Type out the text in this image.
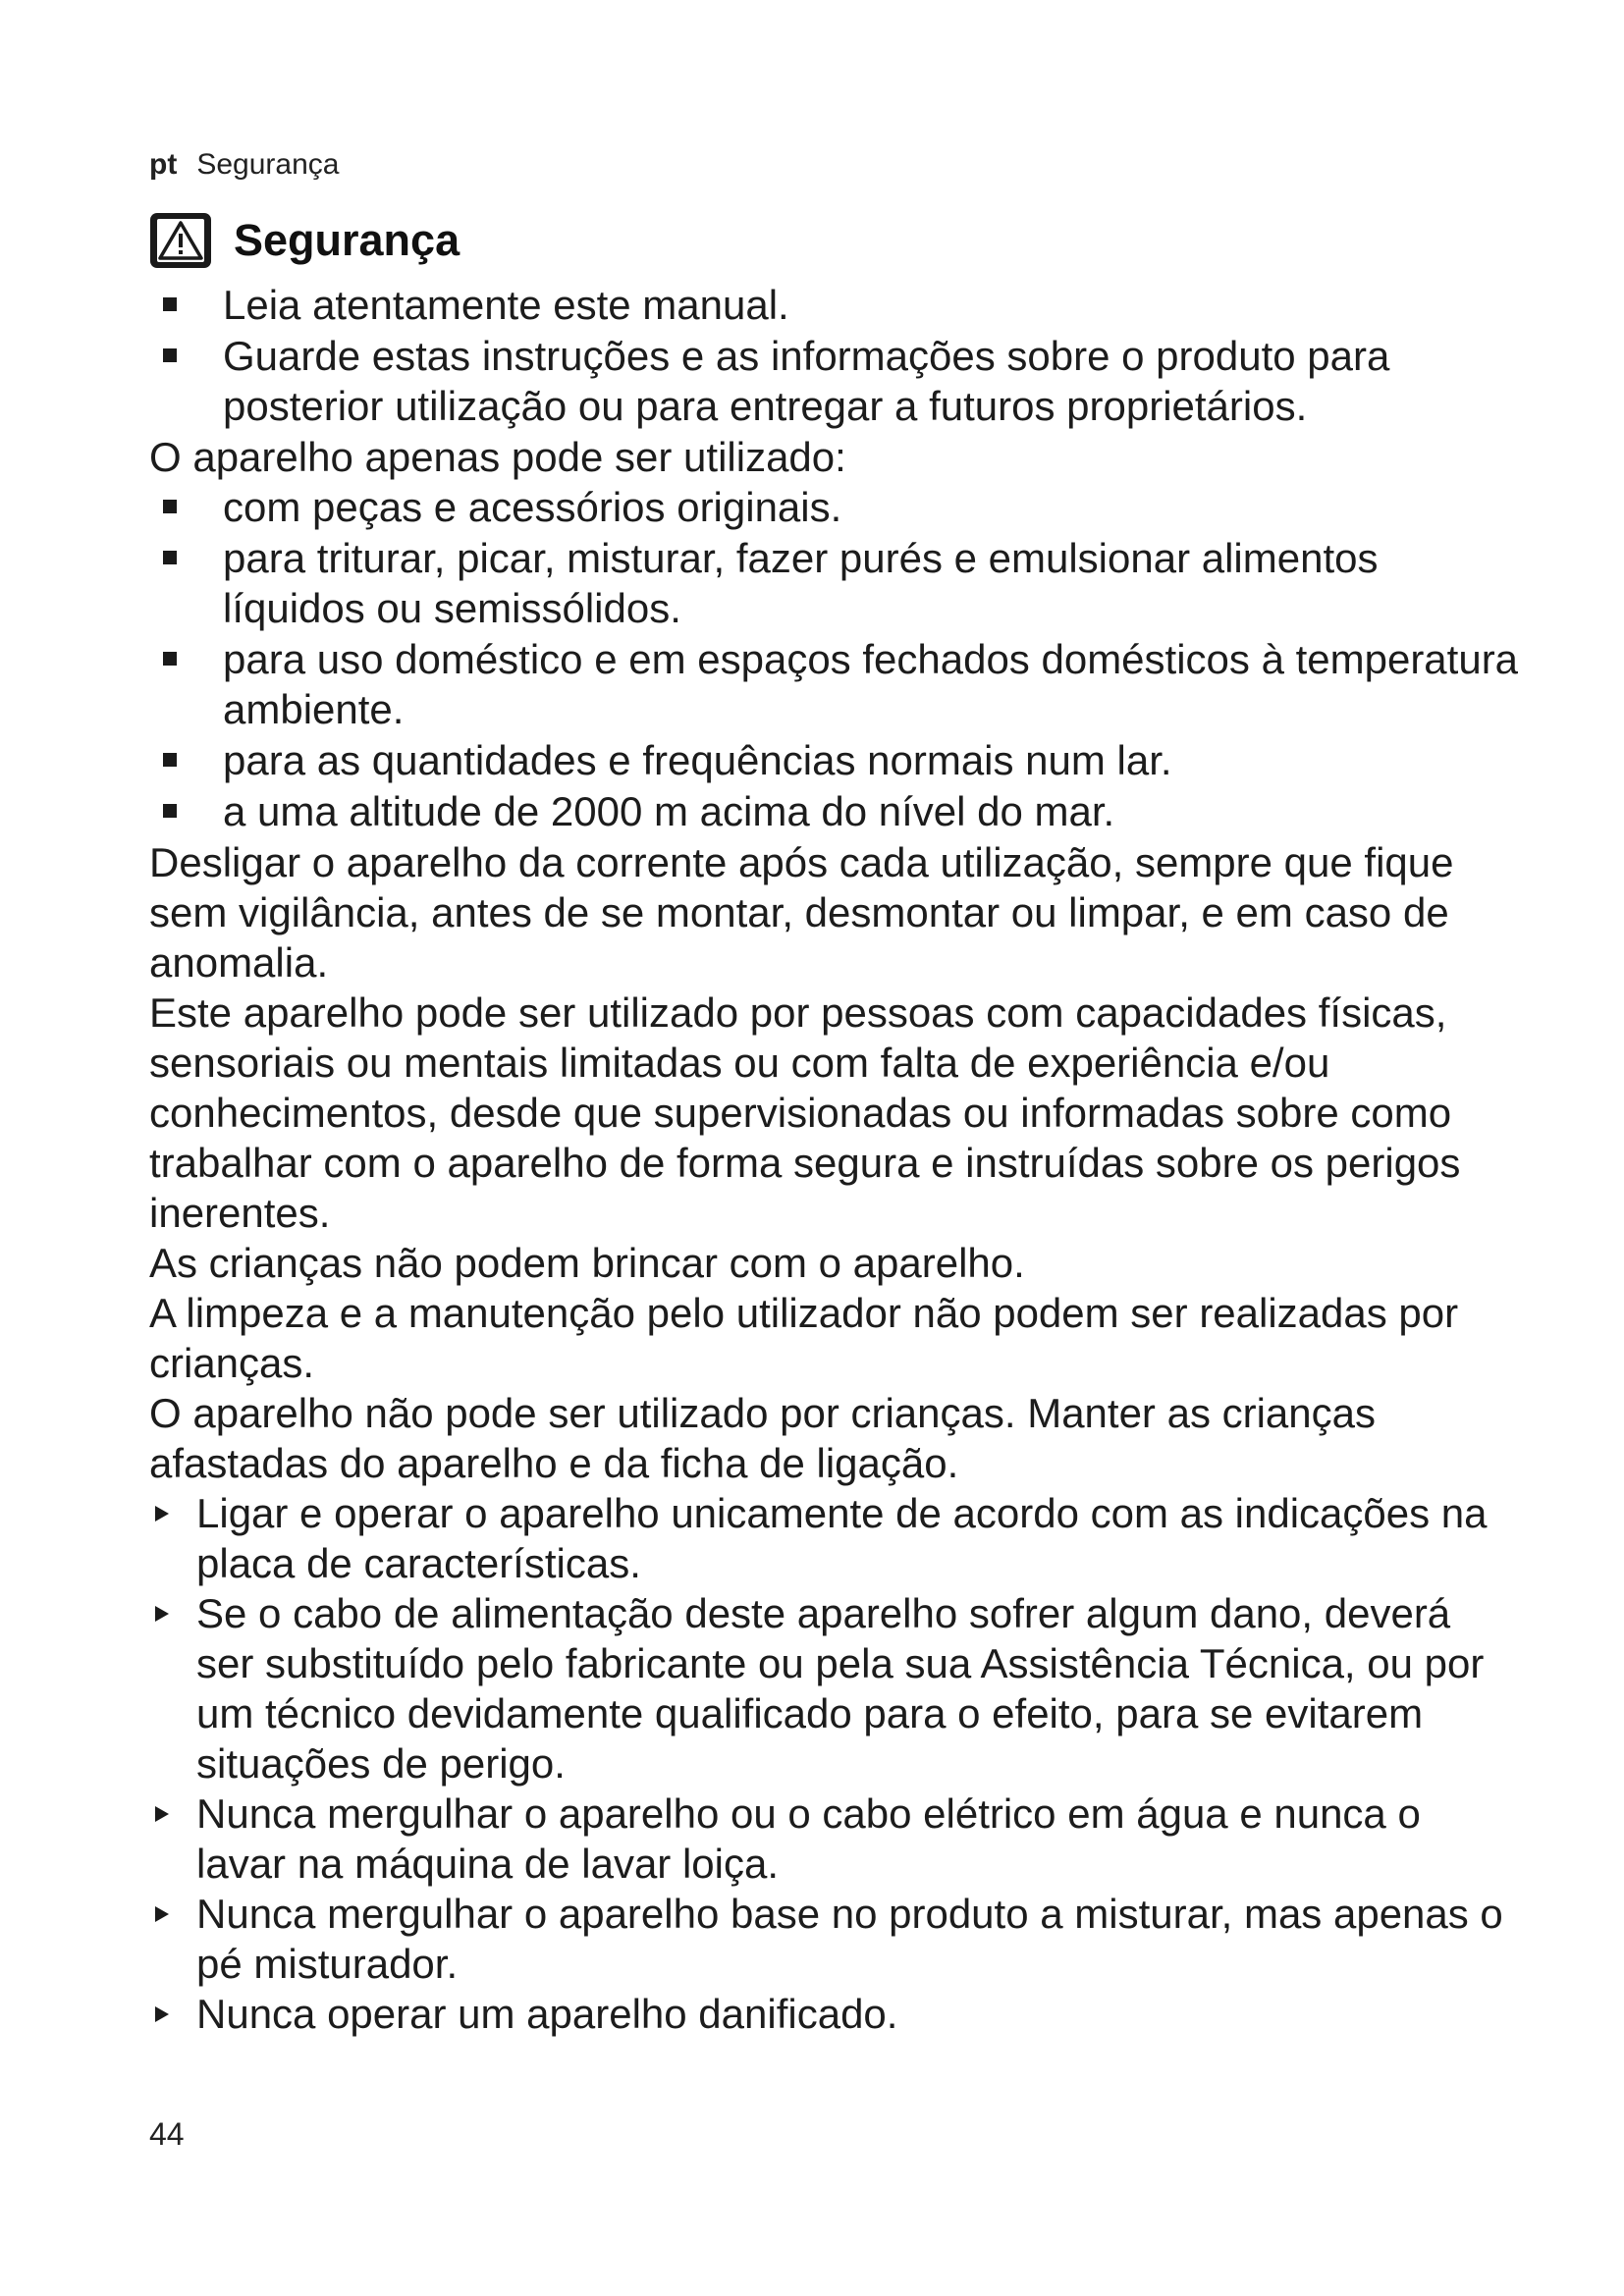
pt Segurança
Segurança
Leia atentamente este manual.
Guarde estas instruções e as informações sobre o produto para posterior utilização ou para entregar a futuros proprietários.

O aparelho apenas pode ser utilizado:

com peças e acessórios originais.
para triturar, picar, misturar, fazer purés e emulsionar alimentos líquidos ou semissólidos.
para uso doméstico e em espaços fechados domésticos à temperatura ambiente.
para as quantidades e frequências normais num lar.
a uma altitude de 2000 m acima do nível do mar.

Desligar o aparelho da corrente após cada utilização, sempre que fique sem vigilância, antes de se montar, desmontar ou limpar, e em caso de anomalia.

Este aparelho pode ser utilizado por pessoas com capacidades físicas, sensoriais ou mentais limitadas ou com falta de experiência e/ou conhecimentos, desde que supervisionadas ou informadas sobre como trabalhar com o aparelho de forma segura e instruídas sobre os perigos inerentes.

As crianças não podem brincar com o aparelho.

A limpeza e a manutenção pelo utilizador não podem ser realizadas por crianças.

O aparelho não pode ser utilizado por crianças. Manter as crianças afastadas do aparelho e da ficha de ligação.

Ligar e operar o aparelho unicamente de acordo com as indicações na placa de características.
Se o cabo de alimentação deste aparelho sofrer algum dano, deverá ser substituído pelo fabricante ou pela sua Assistência Técnica, ou por um técnico devidamente qualificado para o efeito, para se evitarem situações de perigo.
Nunca mergulhar o aparelho ou o cabo elétrico em água e nunca o lavar na máquina de lavar loiça.
Nunca mergulhar o aparelho base no produto a misturar, mas apenas o pé misturador.
Nunca operar um aparelho danificado.
44
